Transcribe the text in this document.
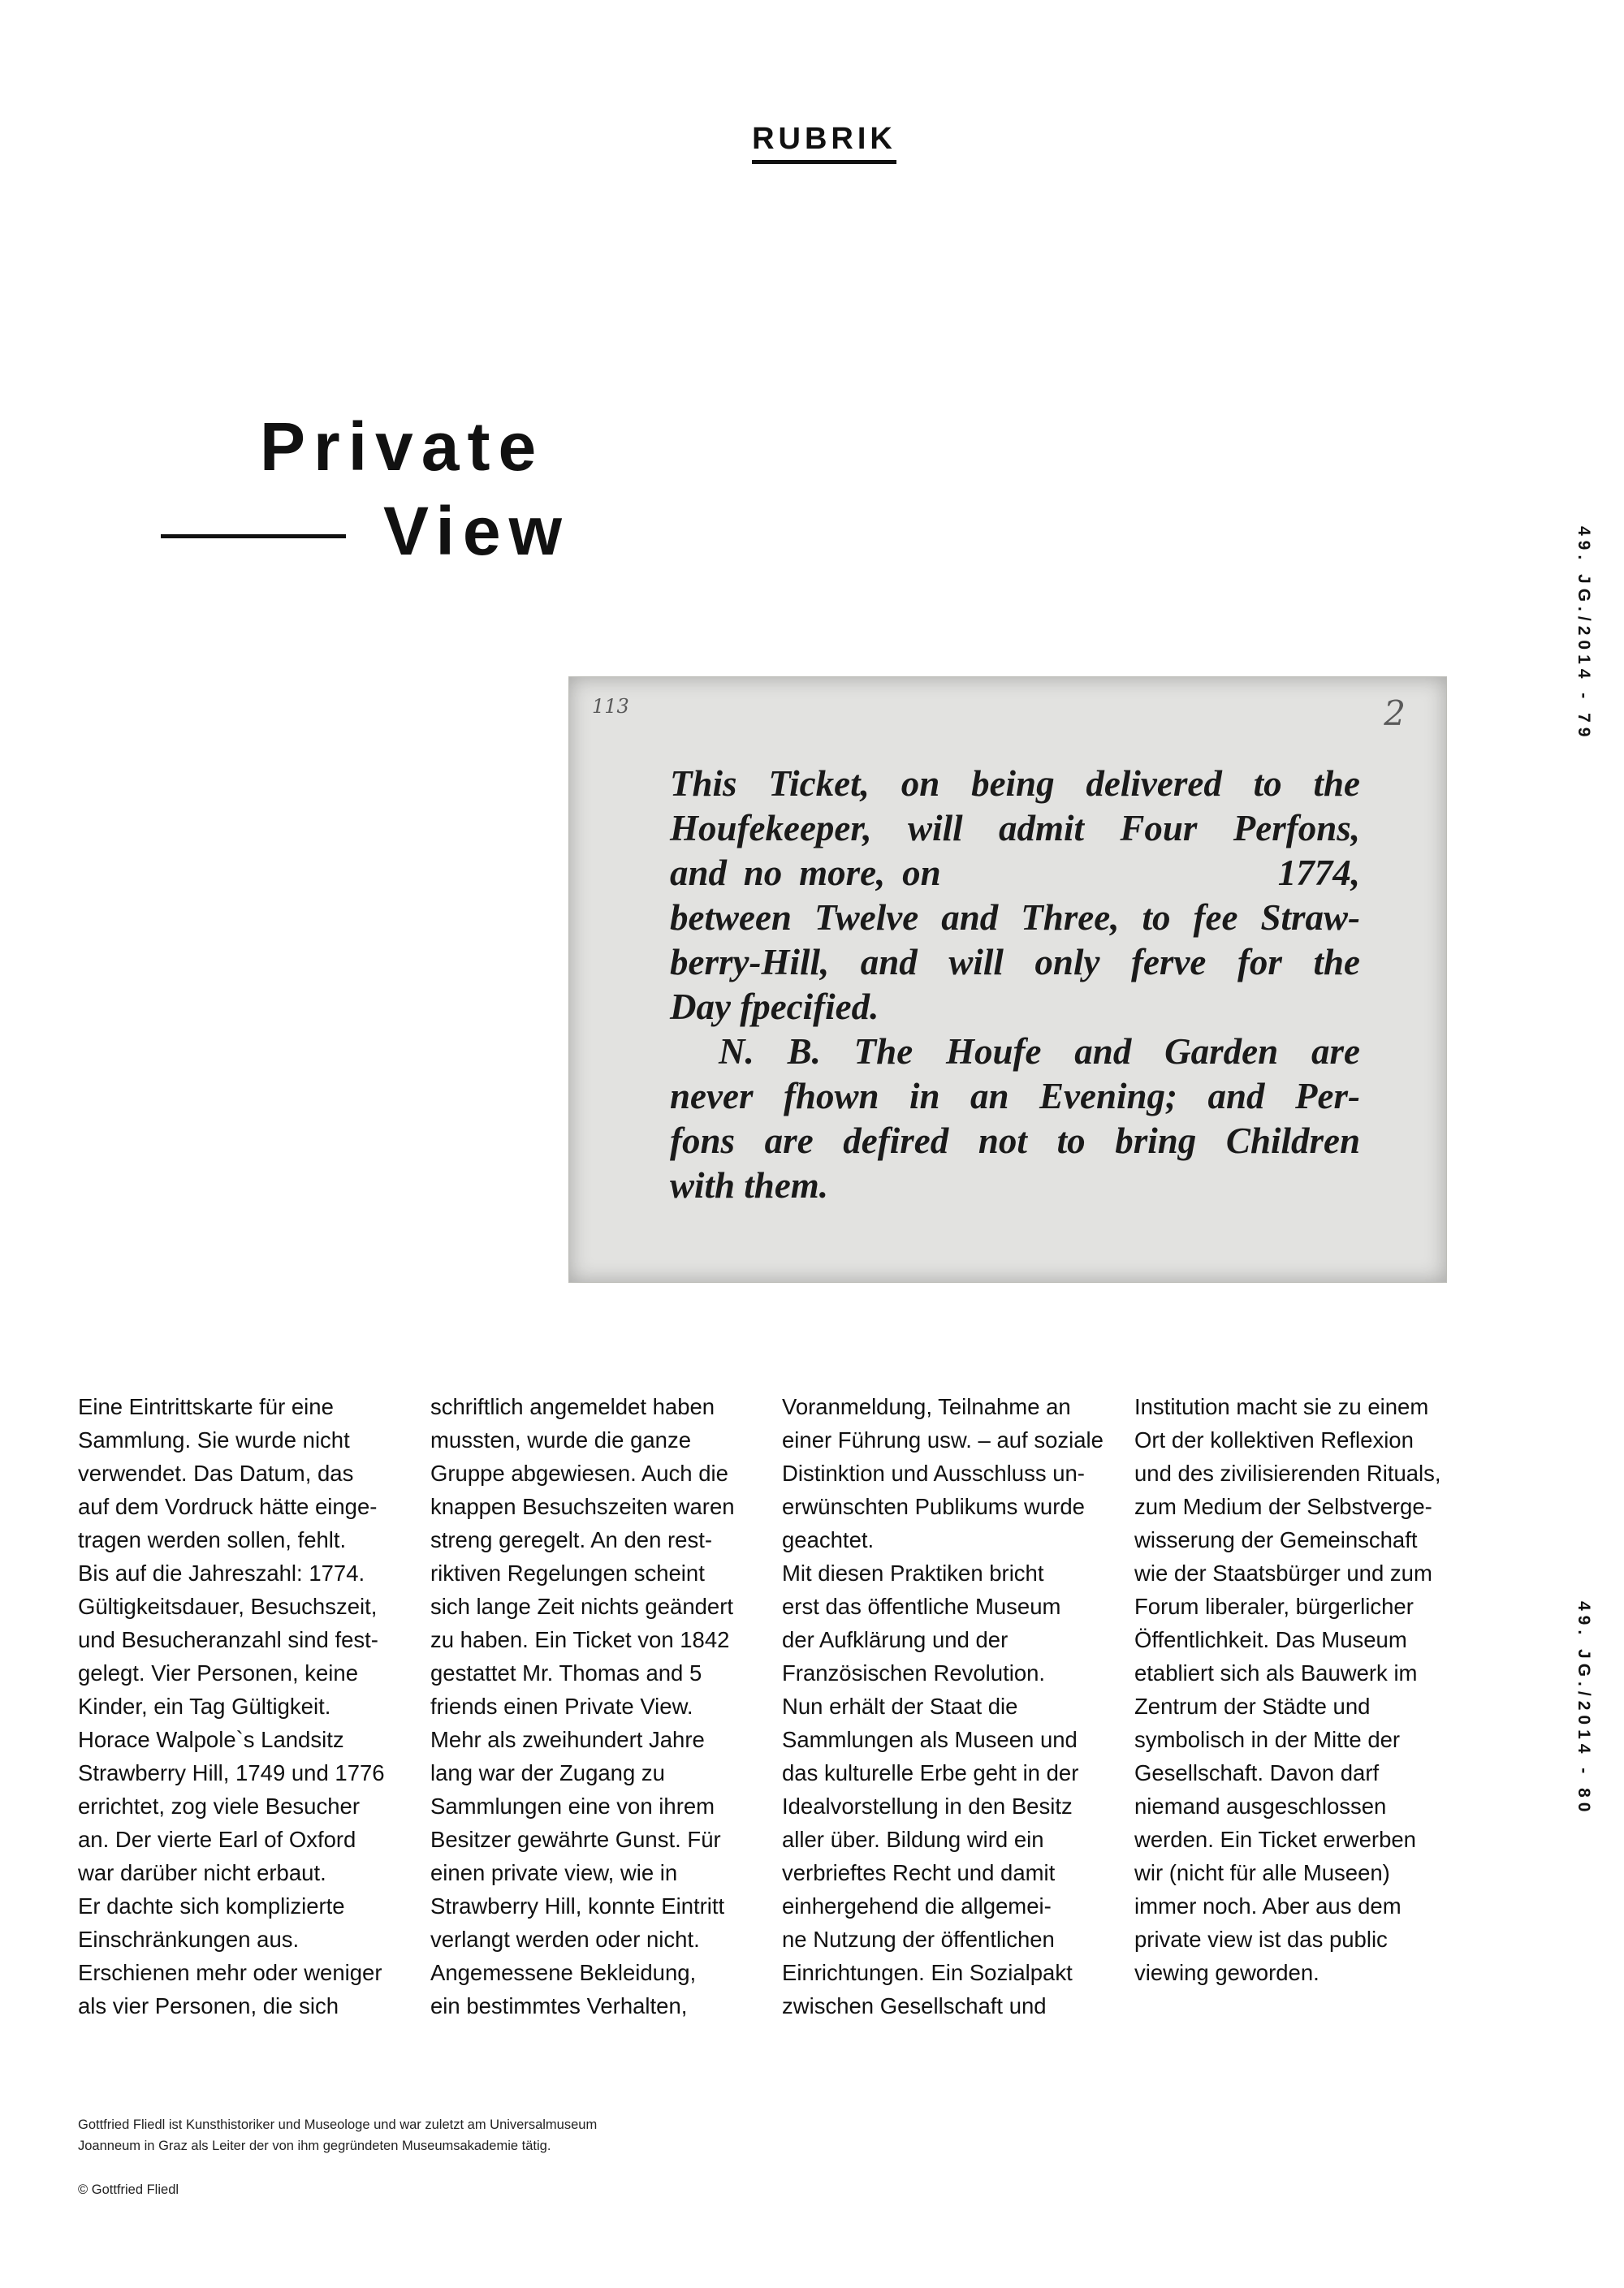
RUBRIK
Private
View	49. JG./2014 - 79
49. JG./2014 - 80
113	2
This Ticket, on being delivered to the
Houfekeeper, will admit Four Perfons,
and no more, on                    1774,
between Twelve and Three, to fee Straw-
berry-Hill, and will only ferve for the
Day fpecified.
N. B. The Houfe and Garden are
never fhown in an Evening; and Per-
fons are defired not to bring Children
with them.
Eine Eintrittskarte für eine
Sammlung. Sie wurde nicht
verwendet. Das Datum, das
auf dem Vordruck hätte einge-
tragen werden sollen, fehlt.
Bis auf die Jahreszahl: 1774.
Gültigkeitsdauer, Besuchszeit,
und Besucheranzahl sind fest-
gelegt. Vier Personen, keine
Kinder, ein Tag Gültigkeit.
Horace Walpole`s Landsitz
Strawberry Hill, 1749 und 1776
errichtet, zog viele Besucher
an. Der vierte Earl of Oxford
war darüber nicht erbaut.
Er dachte sich komplizierte
Einschränkungen aus.
Erschienen mehr oder weniger
als vier Personen, die sich
schriftlich angemeldet haben
mussten, wurde die ganze
Gruppe abgewiesen. Auch die
knappen Besuchszeiten waren
streng geregelt. An den rest-
riktiven Regelungen scheint
sich lange Zeit nichts geändert
zu haben. Ein Ticket von 1842
gestattet Mr. Thomas and 5
friends einen Private View.
Mehr als zweihundert Jahre
lang war der Zugang zu
Sammlungen eine von ihrem
Besitzer gewährte Gunst. Für
einen private view, wie in
Strawberry Hill, konnte Eintritt
verlangt werden oder nicht.
Angemessene Bekleidung,
ein bestimmtes Verhalten,
Voranmeldung, Teilnahme an
einer Führung usw. – auf soziale
Distinktion und Ausschluss un-
erwünschten Publikums wurde
geachtet.
Mit diesen Praktiken bricht
erst das öffentliche Museum
der Aufklärung und der
Französischen Revolution.
Nun erhält der Staat die
Sammlungen als Museen und
das kulturelle Erbe geht in der
Idealvorstellung in den Besitz
aller über. Bildung wird ein
verbrieftes Recht und damit
einhergehend die allgemei-
ne Nutzung der öffentlichen
Einrichtungen. Ein Sozialpakt
zwischen Gesellschaft und
Institution macht sie zu einem
Ort der kollektiven Reflexion
und des zivilisierenden Rituals,
zum Medium der Selbstverge-
wisserung der Gemeinschaft
wie der Staatsbürger und zum
Forum liberaler, bürgerlicher
Öffentlichkeit. Das Museum
etabliert sich als Bauwerk im
Zentrum der Städte und
symbolisch in der Mitte der
Gesellschaft. Davon darf
niemand ausgeschlossen
werden. Ein Ticket erwerben
wir (nicht für alle Museen)
immer noch. Aber aus dem
private view ist das public
viewing geworden.
Gottfried Fliedl ist Kunsthistoriker und Museologe und war zuletzt am Universalmuseum
Joanneum in Graz als Leiter der von ihm gegründeten Museumsakademie tätig.
© Gottfried Fliedl
